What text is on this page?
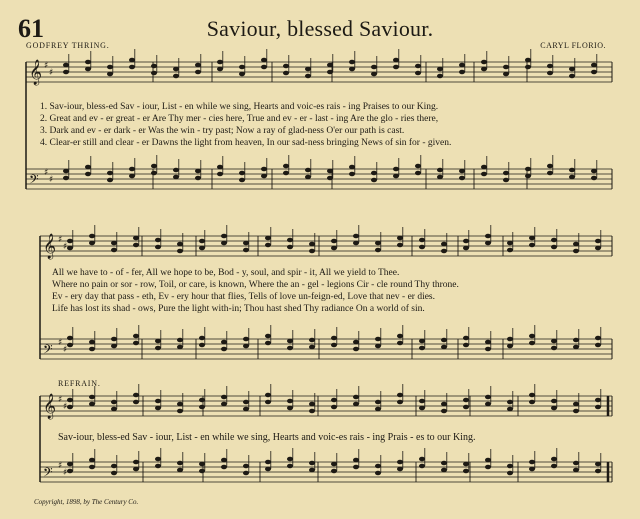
61	Saviour, blessed Saviour.
GODFREY THRING.	CARYL FLORIO.
𝄞 ♯
♯
𝄢 ♯
♯
𝄞 ♯
♯
𝄢 ♯
♯
𝄞 ♯
♯
𝄢 ♯
♯
1. Sav-iour, bless-ed Sav - iour, List - en while we sing, Hearts and voic-es rais - ing Praises to our King.
2. Great and ev - er great - er Are Thy mer - cies here, True and ev - er - last - ing Are the glo - ries there,
3. Dark and ev - er dark - er Was the win - try past; Now a ray of glad-ness O'er our path is cast.
4. Clear-er still and clear - er Dawns the light from heaven, In our sad-ness bringing News of sin for - given.
All we have to - of - fer, All we hope to be, Bod - y, soul, and spir - it, All we yield to Thee.
Where no pain or sor - row, Toil, or care, is known, Where the an - gel - legions Cir - cle round Thy throne.
Ev - ery day that pass - eth, Ev - ery hour that flies, Tells of love un-feign-ed, Love that nev - er dies.
Life has lost its shad - ows, Pure the light with-in; Thou hast shed Thy radiance On a world of sin.
REFRAIN.
Sav-iour, bless-ed Sav - iour, List - en while we sing, Hearts and voic-es rais - ing Prais - es to our King.
Copyright, 1898, by The Century Co.
